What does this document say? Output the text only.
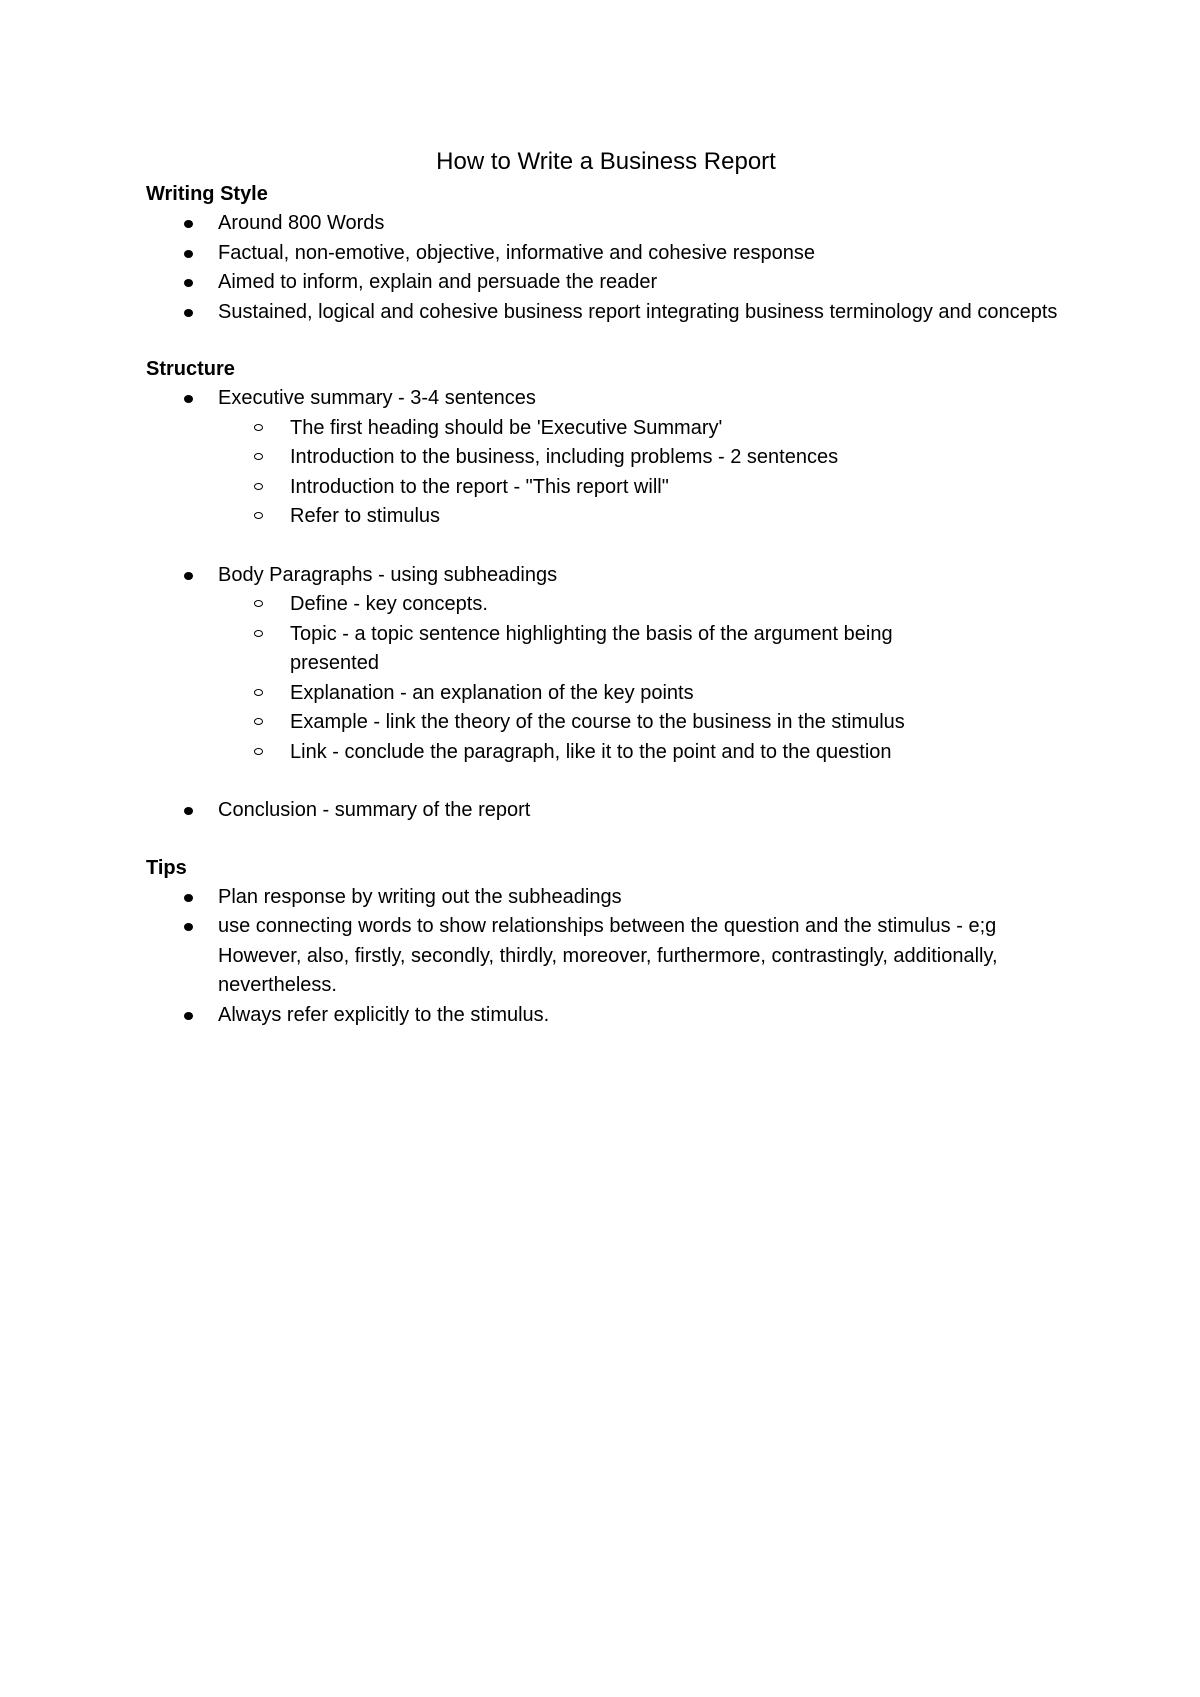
How to Write a Business Report
Writing Style
Around 800 Words
Factual, non-emotive, objective, informative and cohesive response
Aimed to inform, explain and persuade the reader
Sustained, logical and cohesive business report integrating business terminology and concepts
Structure
Executive summary - 3-4 sentences
The first heading should be 'Executive Summary'
Introduction to the business, including problems - 2 sentences
Introduction to the report - "This report will"
Refer to stimulus
Body Paragraphs - using subheadings
Define - key concepts.
Topic - a topic sentence highlighting the basis of the argument being presented
Explanation - an explanation of the key points
Example - link the theory of the course to the business in the stimulus
Link - conclude the paragraph, like it to the point and to the question
Conclusion - summary of the report
Tips
Plan response by writing out the subheadings
use connecting words to show relationships between the question and the stimulus - e;g However, also, firstly, secondly, thirdly, moreover, furthermore, contrastingly, additionally, nevertheless.
Always refer explicitly to the stimulus.
